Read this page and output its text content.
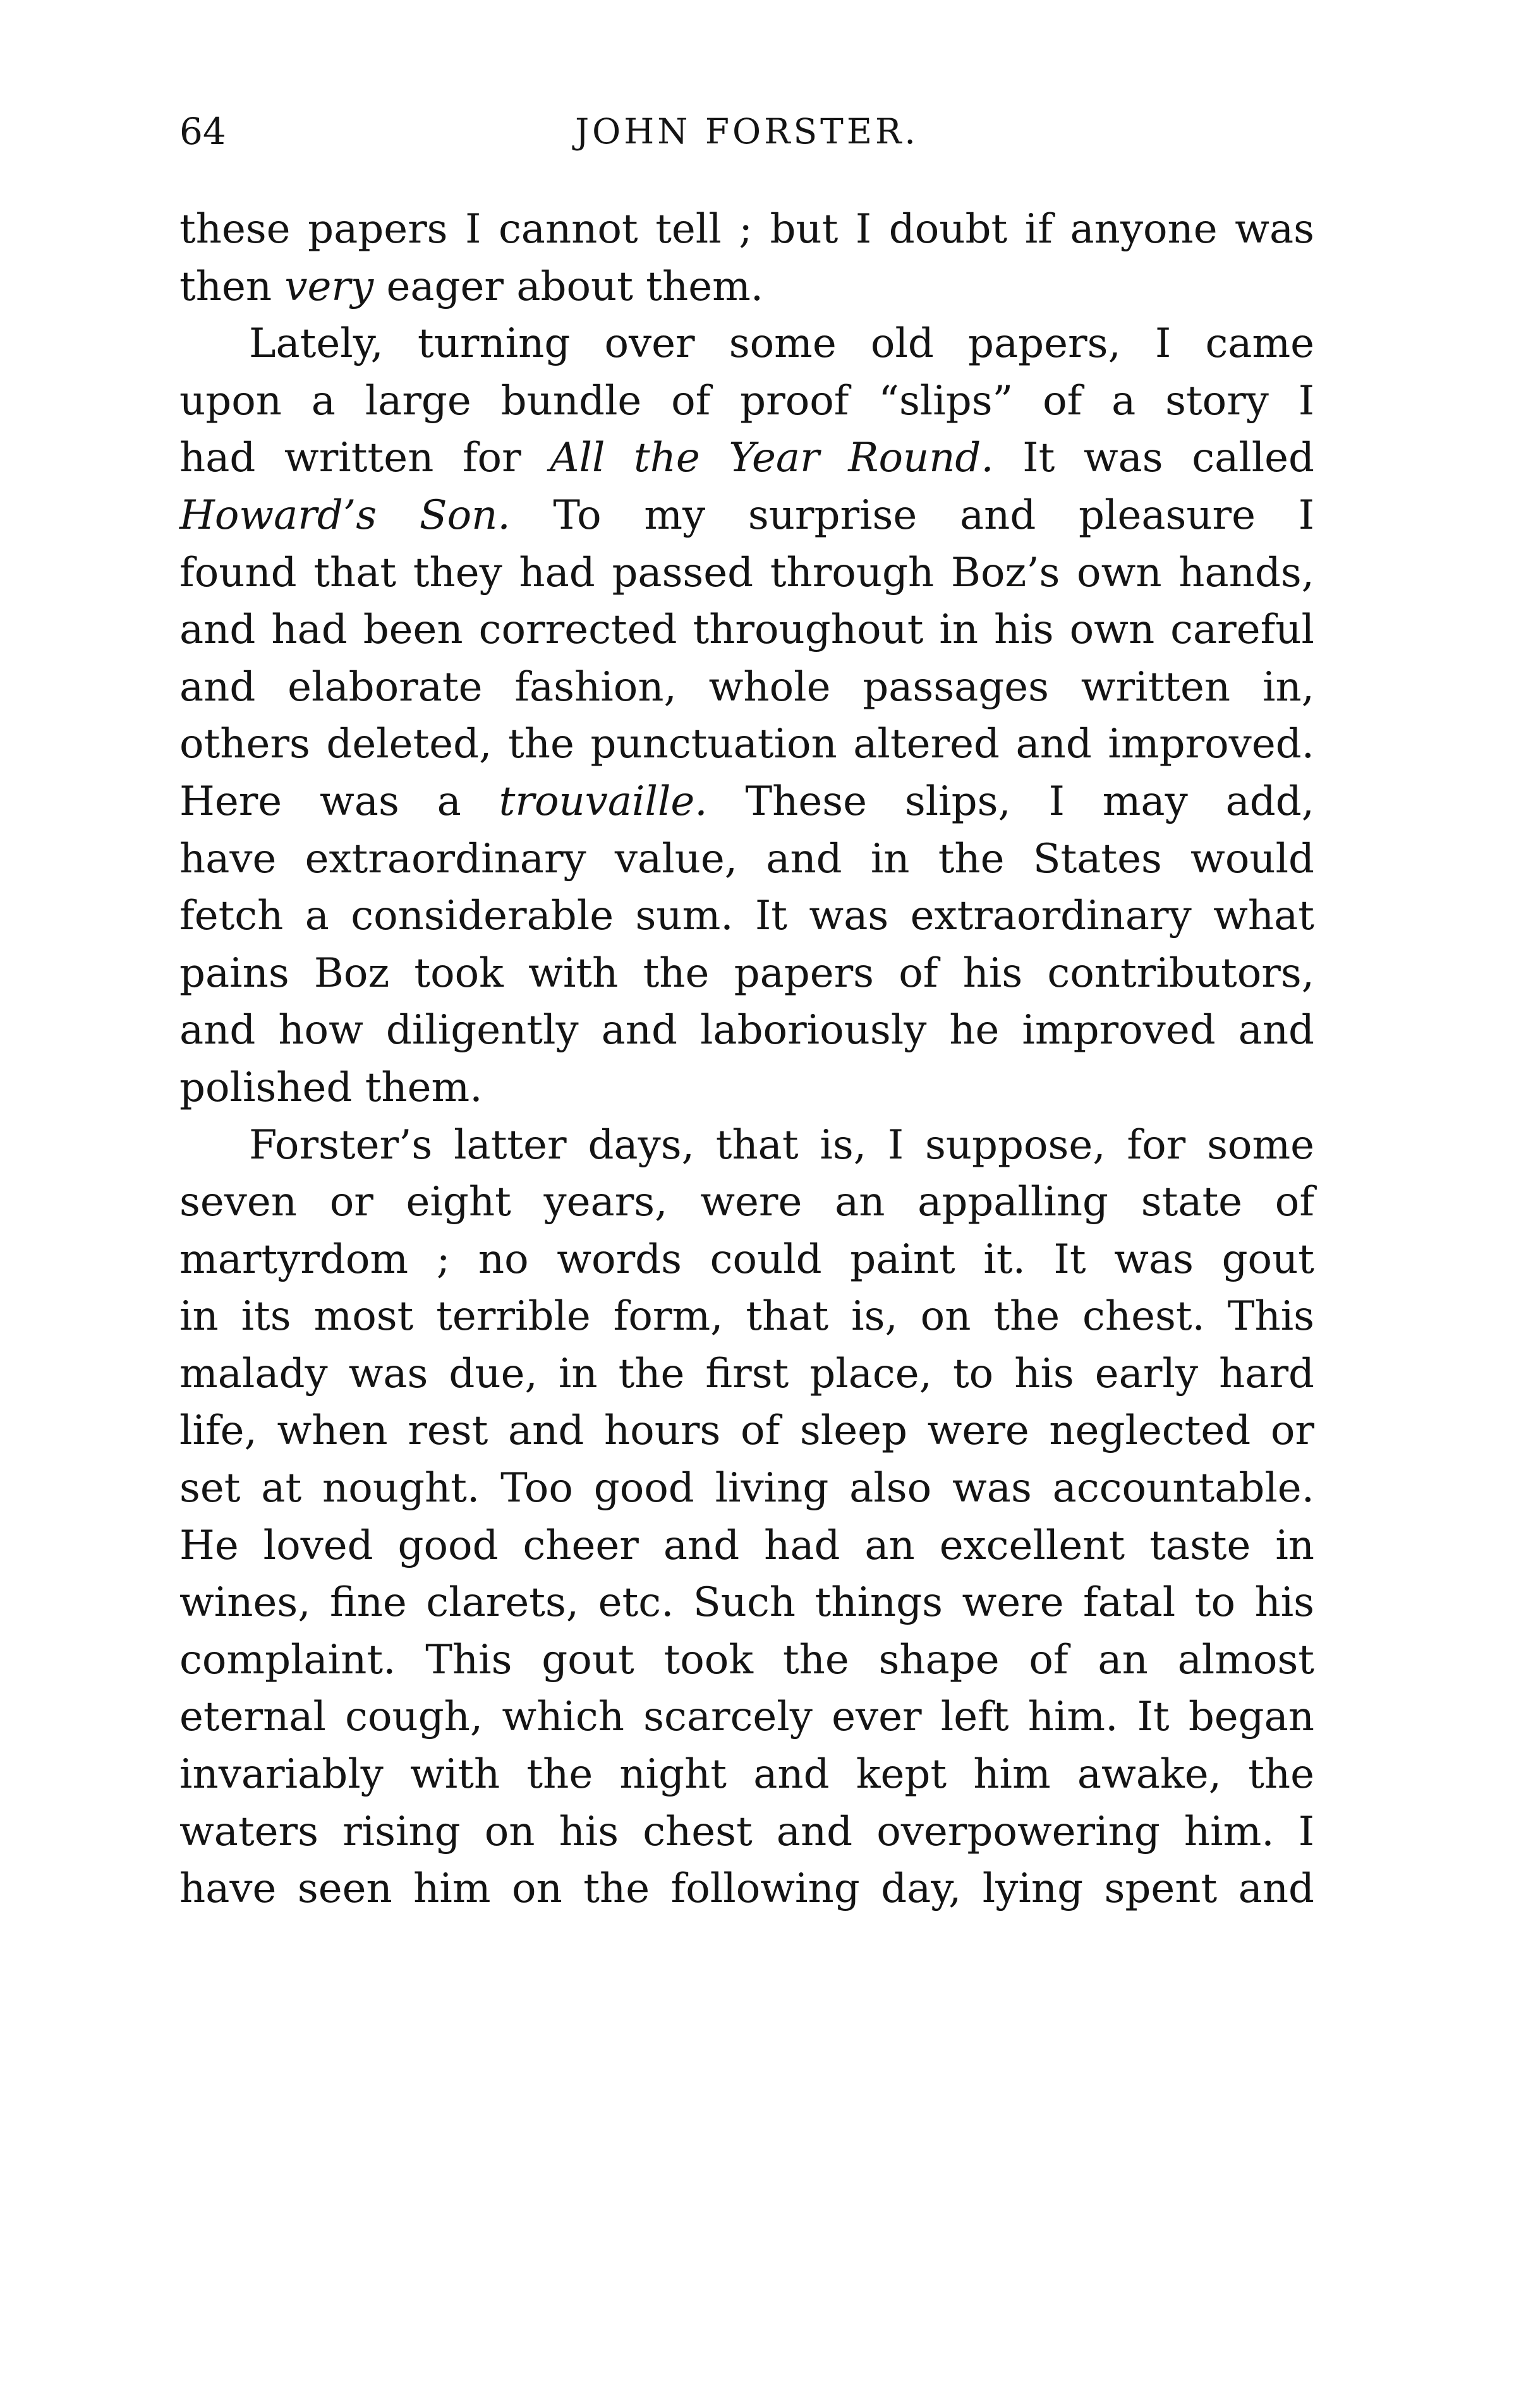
64	JOHN FORSTER.
these papers I cannot tell ; but I doubt if anyone was
then very eager about them.
Lately, turning over some old papers, I came
upon a large bundle of proof “slips” of a story I
had written for All the Year Round. It was called
Howard’s Son. To my surprise and pleasure I
found that they had passed through Boz’s own hands,
and had been corrected throughout in his own careful
and elaborate fashion, whole passages written in,
others deleted, the punctuation altered and improved.
Here was a trouvaille. These slips, I may add,
have extraordinary value, and in the States would
fetch a considerable sum. It was extraordinary what
pains Boz took with the papers of his contributors,
and how diligently and laboriously he improved and
polished them.
Forster’s latter days, that is, I suppose, for some
seven or eight years, were an appalling state of
martyrdom ; no words could paint it. It was gout
in its most terrible form, that is, on the chest. This
malady was due, in the first place, to his early hard
life, when rest and hours of sleep were neglected or
set at nought. Too good living also was accountable.
He loved good cheer and had an excellent taste in
wines, fine clarets, etc. Such things were fatal to his
complaint. This gout took the shape of an almost
eternal cough, which scarcely ever left him. It began
invariably with the night and kept him awake, the
waters rising on his chest and overpowering him. I
have seen him on the following day, lying spent and
